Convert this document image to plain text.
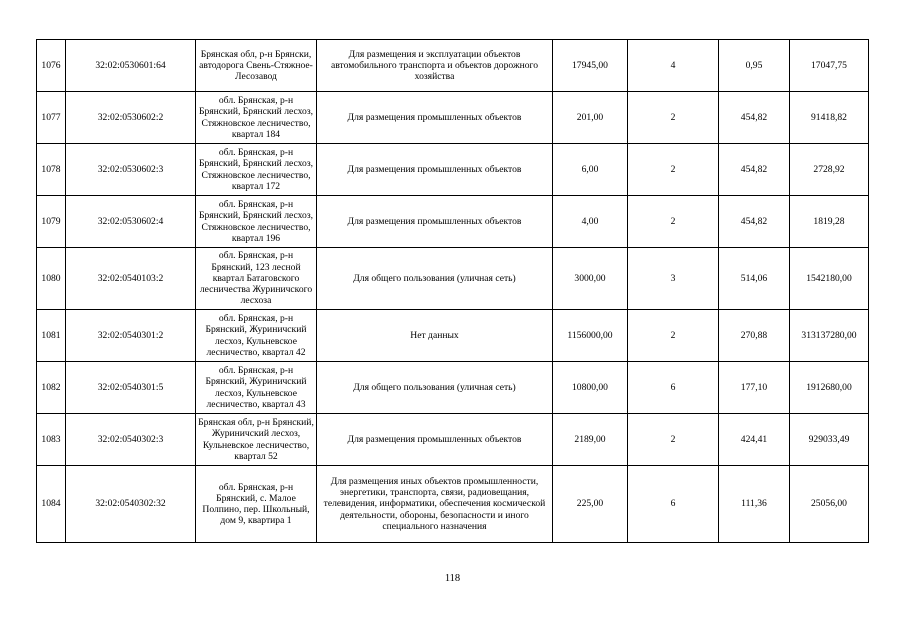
1076	32:02:0530601:64	Брянская обл, р-н Брянски, автодорога Свень-Стяжное-Лесозавод	Для размещения и эксплуатации объектов автомобильного транспорта и объектов дорожного хозяйства	17945,00	4	0,95	17047,75
1077	32:02:0530602:2	обл. Брянская, р-н Брянский, Брянский лесхоз, Стяжновское лесничество, квартал 184	Для размещения промышленных объектов	201,00	2	454,82	91418,82
1078	32:02:0530602:3	обл. Брянская, р-н Брянский, Брянский лесхоз, Стяжновское лесничество, квартал 172	Для размещения промышленных объектов	6,00	2	454,82	2728,92
1079	32:02:0530602:4	обл. Брянская, р-н Брянский, Брянский лесхоз, Стяжновское лесничество, квартал 196	Для размещения промышленных объектов	4,00	2	454,82	1819,28
1080	32:02:0540103:2	обл. Брянская, р-н Брянский, 123 лесной квартал Батаговского лесничества Журиничского лесхоза	Для общего пользования (уличная сеть)	3000,00	3	514,06	1542180,00
1081	32:02:0540301:2	обл. Брянская, р-н Брянский, Журиничский лесхоз, Кульневское лесничество, квартал 42	Нет данных	1156000,00	2	270,88	313137280,00
1082	32:02:0540301:5	обл. Брянская, р-н Брянский, Журиничский лесхоз, Кульневское лесничество, квартал 43	Для общего пользования (уличная сеть)	10800,00	6	177,10	1912680,00
1083	32:02:0540302:3	Брянская обл, р-н Брянский, Журиничский лесхоз, Кульневское лесничество, квартал 52	Для размещения промышленных объектов	2189,00	2	424,41	929033,49
1084	32:02:0540302:32	обл. Брянская, р-н Брянский, с. Малое Полпино, пер. Школьный, дом 9, квартира 1	Для размещения иных объектов промышленности, энергетики, транспорта, связи, радиовещания, телевидения, информатики, обеспечения космической деятельности, обороны, безопасности и иного специального назначения	225,00	6	111,36	25056,00
118
